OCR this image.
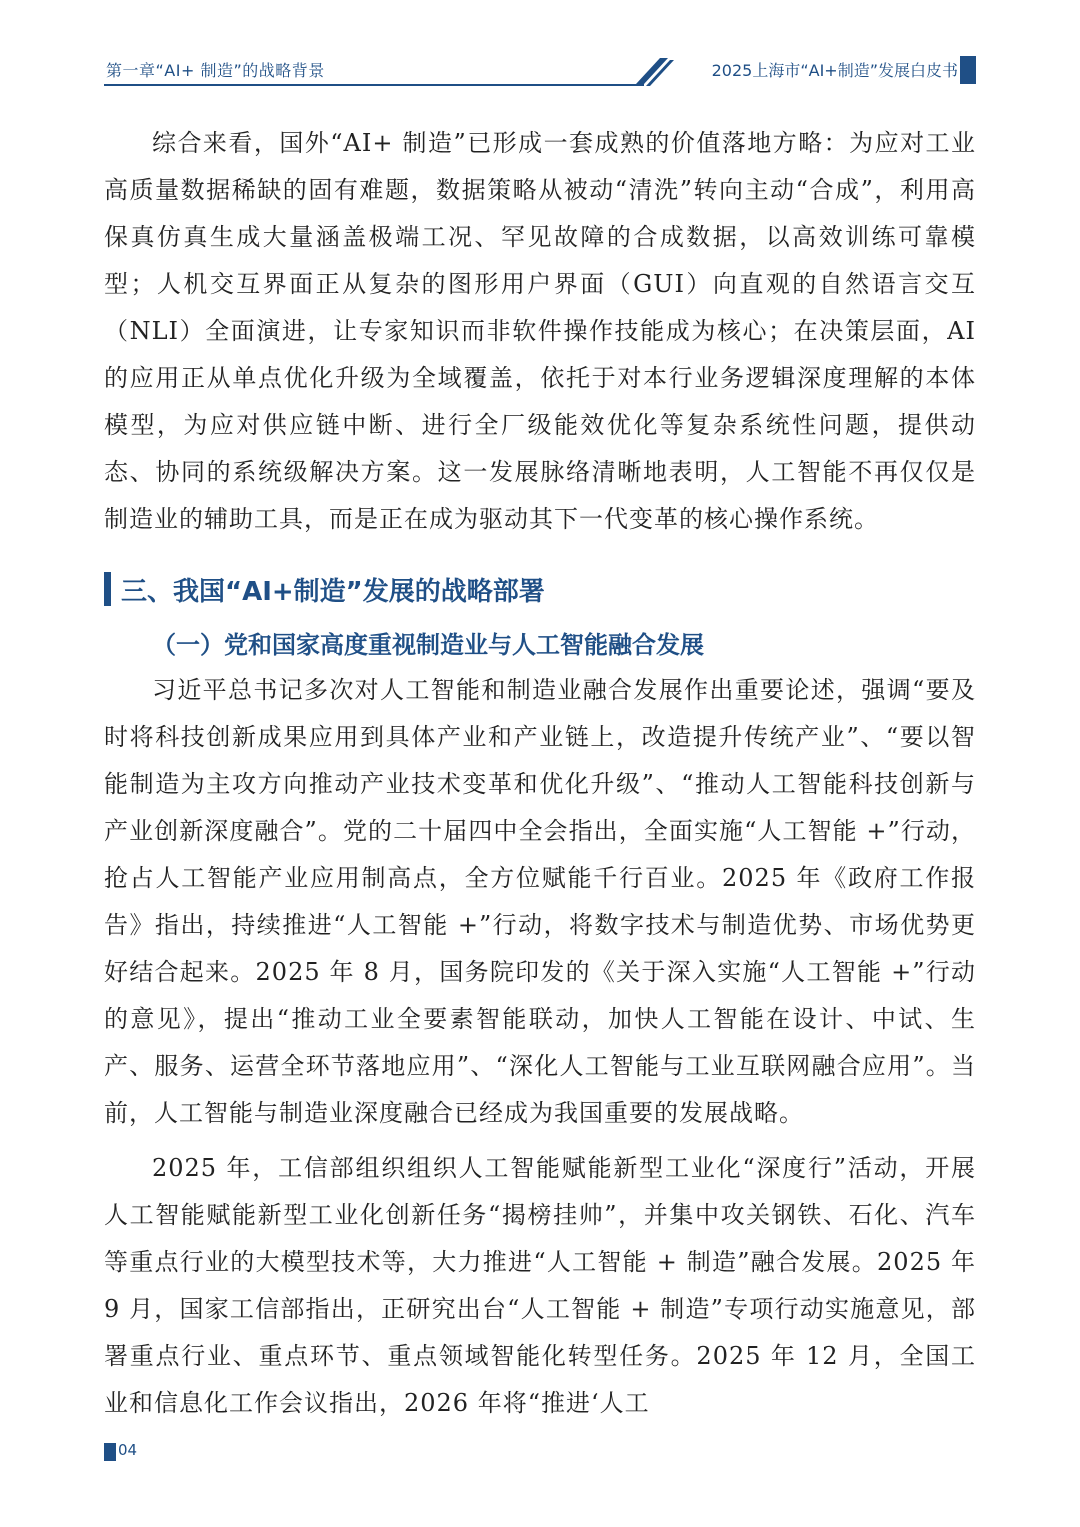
第一章“AI+ 制造”的战略背景	2025上海市“AI+制造”发展白皮书

综合来看，国外“AI+ 制造”已形成一套成熟的价值落地方略：为应对工业高质量数据稀缺的固有难题，数据策略从被动“清洗”转向主动“合成”，利用高保真仿真生成大量涵盖极端工况、罕见故障的合成数据，以高效训练可靠模型；人机交互界面正从复杂的图形用户界面（GUI）向直观的自然语言交互（NLI）全面演进，让专家知识而非软件操作技能成为核心；在决策层面，AI 的应用正从单点优化升级为全域覆盖，依托于对本行业务逻辑深度理解的本体模型，为应对供应链中断、进行全厂级能效优化等复杂系统性问题，提供动态、协同的系统级解决方案。这一发展脉络清晰地表明，人工智能不再仅仅是制造业的辅助工具，而是正在成为驱动其下一代变革的核心操作系统。

三、我国“AI+制造”发展的战略部署
（一）党和国家高度重视制造业与人工智能融合发展

习近平总书记多次对人工智能和制造业融合发展作出重要论述，强调“要及时将科技创新成果应用到具体产业和产业链上，改造提升传统产业”、“要以智能制造为主攻方向推动产业技术变革和优化升级”、“推动人工智能科技创新与产业创新深度融合”。党的二十届四中全会指出，全面实施“人工智能 +”行动，抢占人工智能产业应用制高点，全方位赋能千行百业。2025 年《政府工作报告》指出，持续推进“人工智能 +”行动，将数字技术与制造优势、市场优势更好结合起来。2025 年 8 月，国务院印发的《关于深入实施“人工智能 +”行动的意见》，提出“推动工业全要素智能联动，加快人工智能在设计、中试、生产、服务、运营全环节落地应用”、“深化人工智能与工业互联网融合应用”。当前，人工智能与制造业深度融合已经成为我国重要的发展战略。

2025 年，工信部组织组织人工智能赋能新型工业化“深度行”活动，开展人工智能赋能新型工业化创新任务“揭榜挂帅”，并集中攻关钢铁、石化、汽车等重点行业的大模型技术等，大力推进“人工智能 + 制造”融合发展。2025 年 9 月，国家工信部指出，正研究出台“人工智能 + 制造”专项行动实施意见，部署重点行业、重点环节、重点领域智能化转型任务。2025 年 12 月，全国工业和信息化工作会议指出，2026 年将“推进‘人工

04
